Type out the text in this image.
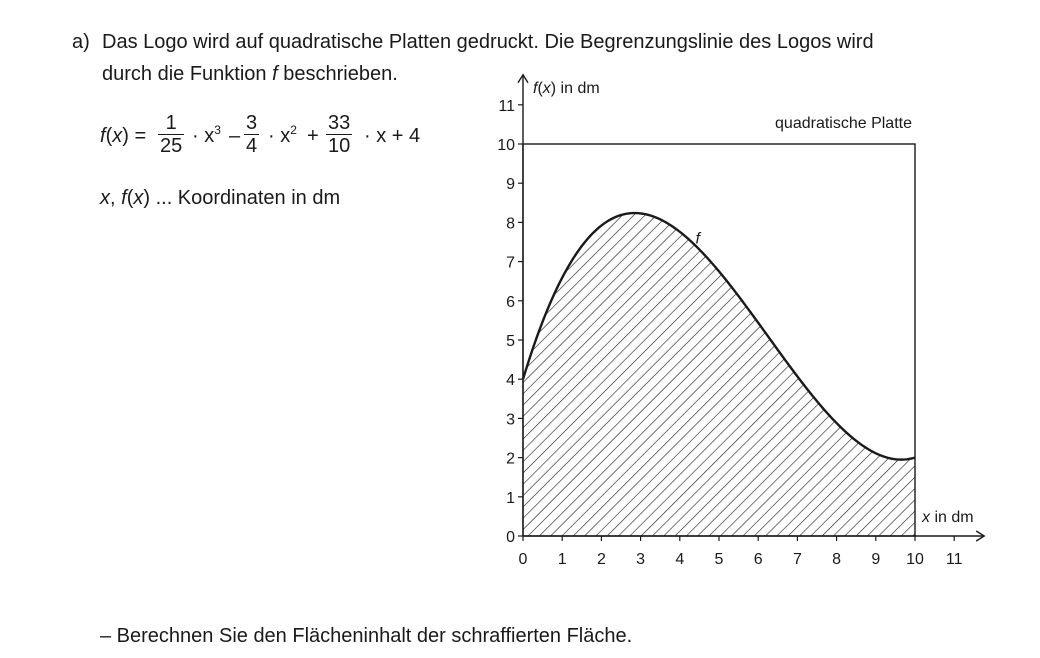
a) Das Logo wird auf quadratische Platten gedruckt. Die Begrenzungslinie des Logos wird
durch die Funktion f beschrieben.
$f(x) = \frac{1}{25} \cdot x^3 - \frac{3}{4} \cdot x^2 + \frac{33}{10} \cdot x + 4$
x, f(x) ... Koordinaten in dm
0 1 2 3 4 5 6 7 8 9 10 11
0
1
2
3
4
5
6
7
8
9
10
11
x in dm
f(x) in dm
quadratische Platte
f
– Berechnen Sie den Flächeninhalt der schraffierten Fläche.
